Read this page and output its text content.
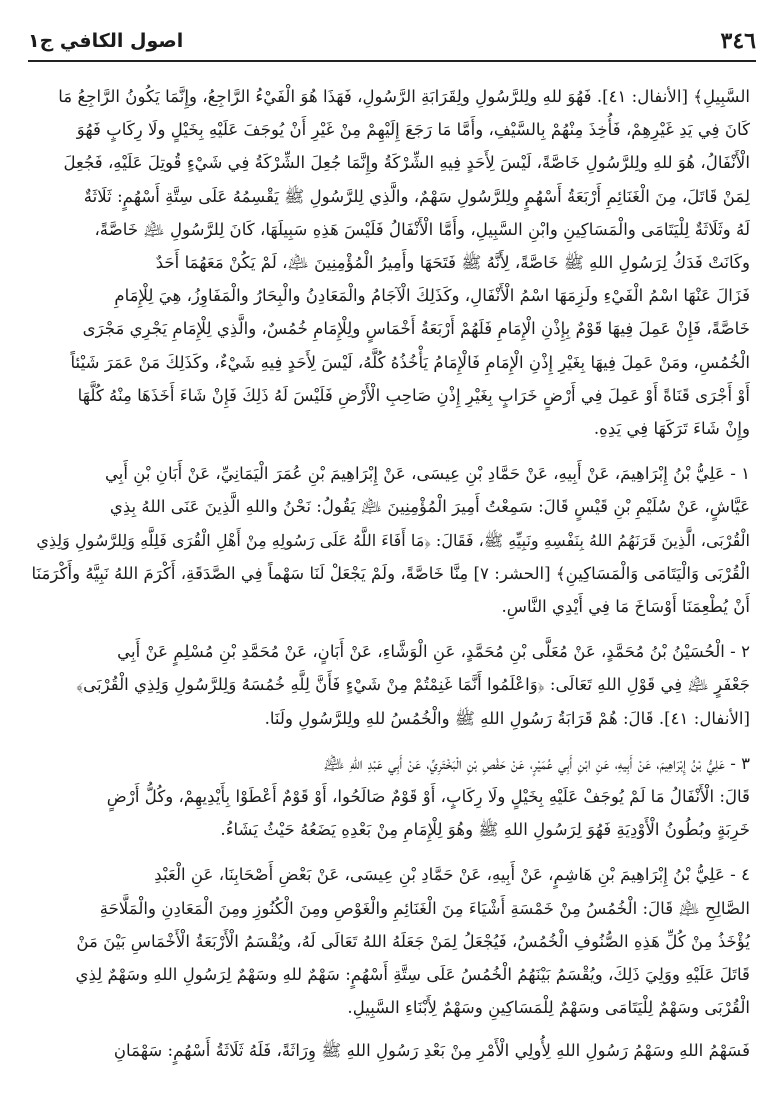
٣٤٦
اصول الكافي ج١

السَّبِيلِ﴾ [الأنفال: ٤١]. فَهُوَ للهِ ولِلرَّسُولِ ولِقَرَابَةِ الرَّسُولِ، فَهَذَا هُوَ الْفَيْءُ الرَّاجِعُ، وإِنَّمَا يَكُونُ الرَّاجِعُ مَا

كَانَ فِي يَدِ غَيْرِهِمْ، فَأُخِذَ مِنْهُمْ بِالسَّيْفِ، وأَمَّا مَا رَجَعَ إِلَيْهِمْ مِنْ غَيْرِ أَنْ يُوجَفَ عَلَيْهِ بِخَيْلٍ ولَا رِكَابٍ فَهُوَ

الْأَنْفَالُ، هُوَ للهِ ولِلرَّسُولِ خَاصَّةً، لَيْسَ لِأَحَدٍ فِيهِ الشِّرْكَةُ وإِنَّمَا جُعِلَ الشِّرْكَةُ فِي شَيْءٍ قُوتِلَ عَلَيْهِ، فَجُعِلَ

لِمَنْ قَاتَلَ، مِنَ الْغَنَائِمِ أَرْبَعَةُ أَسْهُمٍ ولِلرَّسُولِ سَهْمٌ، والَّذِي لِلرَّسُولِ ﷺ يَقْسِمُهُ عَلَى سِتَّةِ أَسْهُمٍ: ثَلَاثَةٌ

لَهُ وثَلَاثَةٌ لِلْيَتَامَى والْمَسَاكِينِ وابْنِ السَّبِيلِ، وأَمَّا الْأَنْفَالُ فَلَيْسَ هَذِهِ سَبِيلَهَا، كَانَ لِلرَّسُولِ ﵇ خَاصَّةً،

وكَانَتْ فَدَكُ لِرَسُولِ اللهِ ﷺ خَاصَّةً، لِأَنَّهُ ﷺ فَتَحَهَا وأَمِيرُ الْمُؤْمِنِينَ ﵇، لَمْ يَكُنْ مَعَهُمَا أَحَدٌ

فَزَالَ عَنْهَا اسْمُ الْفَيْءِ ولَزِمَهَا اسْمُ الْأَنْفَالِ، وكَذَلِكَ الْآجَامُ والْمَعَادِنُ والْبِحَارُ والْمَفَاوِزُ، هِيَ لِلْإِمَامِ

خَاصَّةً، فَإِنْ عَمِلَ فِيهَا قَوْمٌ بِإِذْنِ الْإِمَامِ فَلَهُمْ أَرْبَعَةُ أَخْمَاسٍ ولِلْإِمَامِ خُمُسٌ، والَّذِي لِلْإِمَامِ يَجْرِي مَجْرَى

الْخُمُسِ، ومَنْ عَمِلَ فِيهَا بِغَيْرِ إِذْنِ الْإِمَامِ فَالْإِمَامُ يَأْخُذُهُ كُلَّهُ، لَيْسَ لِأَحَدٍ فِيهِ شَيْءٌ، وكَذَلِكَ مَنْ عَمَرَ شَيْئاً

أَوْ أَجْرَى قَنَاةً أَوْ عَمِلَ فِي أَرْضٍ خَرَابٍ بِغَيْرِ إِذْنِ صَاحِبِ الْأَرْضِ فَلَيْسَ لَهُ ذَلِكَ فَإِنْ شَاءَ أَخَذَهَا مِنْهُ كُلَّهَا

وإِنْ شَاءَ تَرَكَهَا فِي يَدِهِ.

١ - عَلِيُّ بْنُ إِبْرَاهِيمَ، عَنْ أَبِيهِ، عَنْ حَمَّادِ بْنِ عِيسَى، عَنْ إِبْرَاهِيمَ بْنِ عُمَرَ الْيَمَانِيِّ، عَنْ أَبَانِ بْنِ أَبِي

عَيَّاشٍ، عَنْ سُلَيْمِ بْنِ قَيْسٍ قَالَ: سَمِعْتُ أَمِيرَ الْمُؤْمِنِينَ ﵇ يَقُولُ: نَحْنُ واللهِ الَّذِينَ عَنَى اللهُ بِذِي

الْقُرْبَى، الَّذِينَ قَرَنَهُمُ اللهُ بِنَفْسِهِ ونَبِيِّهِ ﷺ، فَقَالَ: ﴿مَا أَفَاءَ اللَّهُ عَلَى رَسُولِهِ مِنْ أَهْلِ الْقُرَى فَلِلَّهِ وَلِلرَّسُولِ وَلِذِي

الْقُرْبَى وَالْيَتَامَى وَالْمَسَاكِينِ﴾ [الحشر: ٧] مِنَّا خَاصَّةً، ولَمْ يَجْعَلْ لَنَا سَهْماً فِي الصَّدَقَةِ، أَكْرَمَ اللهُ نَبِيَّهُ وأَكْرَمَنَا

أَنْ يُطْعِمَنَا أَوْسَاخَ مَا فِي أَيْدِي النَّاسِ.

٢ - الْحُسَيْنُ بْنُ مُحَمَّدٍ، عَنْ مُعَلَّى بْنِ مُحَمَّدٍ، عَنِ الْوَشَّاءِ، عَنْ أَبَانٍ، عَنْ مُحَمَّدِ بْنِ مُسْلِمٍ عَنْ أَبِي

جَعْفَرٍ ﵇ فِي قَوْلِ اللهِ تَعَالَى: ﴿وَاعْلَمُوا أَنَّمَا غَنِمْتُمْ مِنْ شَيْءٍ فَأَنَّ لِلَّهِ خُمُسَهُ وَلِلرَّسُولِ وَلِذِي الْقُرْبَى﴾

[الأنفال: ٤١]. قَالَ: هُمْ قَرَابَةُ رَسُولِ اللهِ ﷺ والْخُمُسُ للهِ ولِلرَّسُولِ ولَنَا.

٣ - عَلِيُّ بْنُ إِبْرَاهِيمَ، عَنْ أَبِيهِ، عَنِ ابْنِ أَبِي عُمَيْرٍ، عَنْ حَفْصِ بْنِ الْبَخْتَرِيِّ، عَنْ أَبِي عَبْدِ اللهِ ﵇

قَالَ: الْأَنْفَالُ مَا لَمْ يُوجَفْ عَلَيْهِ بِخَيْلٍ ولَا رِكَابٍ، أَوْ قَوْمٌ صَالَحُوا، أَوْ قَوْمٌ أَعْطَوْا بِأَيْدِيهِمْ، وكُلُّ أَرْضٍ

خَرِبَةٍ وبُطُونُ الْأَوْدِيَةِ فَهُوَ لِرَسُولِ اللهِ ﷺ وهُوَ لِلْإِمَامِ مِنْ بَعْدِهِ يَضَعُهُ حَيْثُ يَشَاءُ.

٤ - عَلِيُّ بْنُ إِبْرَاهِيمَ بْنِ هَاشِمٍ، عَنْ أَبِيهِ، عَنْ حَمَّادِ بْنِ عِيسَى، عَنْ بَعْضِ أَصْحَابِنَا، عَنِ الْعَبْدِ

الصَّالِحِ ﵇ قَالَ: الْخُمُسُ مِنْ خَمْسَةِ أَشْيَاءَ مِنَ الْغَنَائِمِ والْغَوْصِ ومِنَ الْكُنُوزِ ومِنَ الْمَعَادِنِ والْمَلَّاحَةِ

يُؤْخَذُ مِنْ كُلِّ هَذِهِ الصُّنُوفِ الْخُمُسُ، فَيُجْعَلُ لِمَنْ جَعَلَهُ اللهُ تَعَالَى لَهُ، ويُقْسَمُ الْأَرْبَعَةُ الْأَخْمَاسِ بَيْنَ مَنْ

قَاتَلَ عَلَيْهِ ووَلِيَ ذَلِكَ، ويُقْسَمُ بَيْنَهُمُ الْخُمُسُ عَلَى سِتَّةِ أَسْهُمٍ: سَهْمٌ للهِ وسَهْمٌ لِرَسُولِ اللهِ وسَهْمٌ لِذِي

الْقُرْبَى وسَهْمٌ لِلْيَتَامَى وسَهْمٌ لِلْمَسَاكِينِ وسَهْمٌ لِأَبْنَاءِ السَّبِيلِ.

فَسَهْمُ اللهِ وسَهْمُ رَسُولِ اللهِ لِأُولِي الْأَمْرِ مِنْ بَعْدِ رَسُولِ اللهِ ﷺ وِرَاثَةً، فَلَهُ ثَلَاثَةُ أَسْهُمٍ: سَهْمَانِ
